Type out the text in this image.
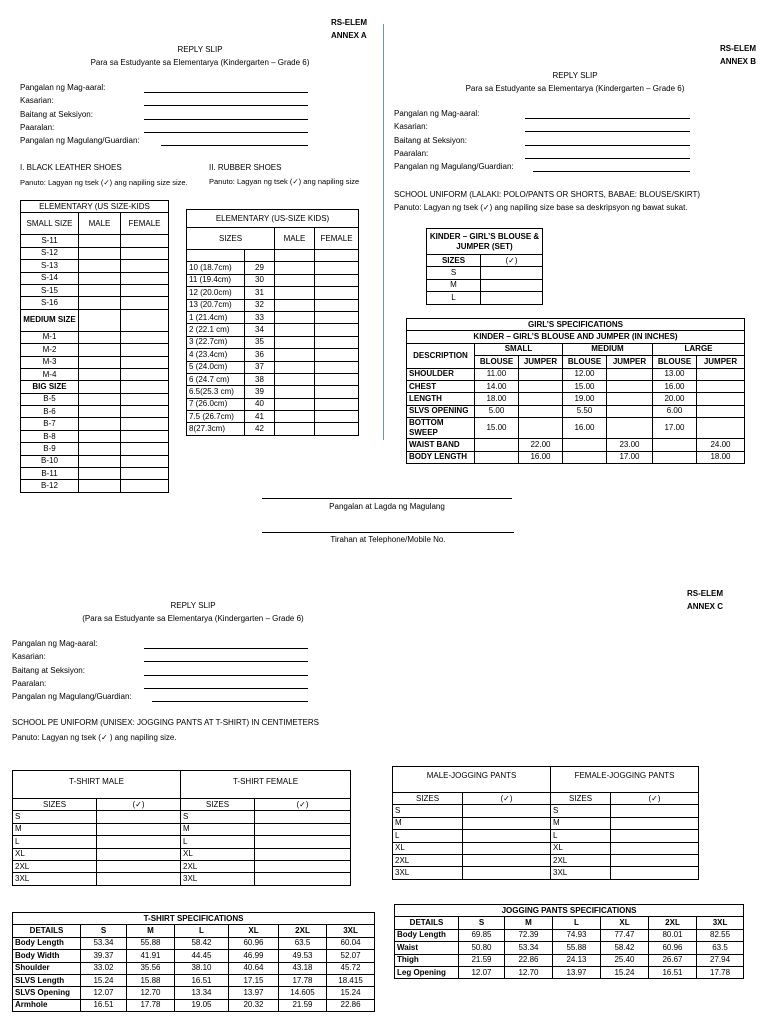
RS-ELEM
ANNEX A
REPLY SLIP
Para sa Estudyante sa Elementarya (Kindergarten – Grade 6)
Pangalan ng Mag-aaral:
Kasarian:
Baitang at Seksiyon:
Paaralan:
Pangalan ng Magulang/Guardian:
I. BLACK LEATHER SHOES
Panuto: Lagyan ng tsek (✓) ang napiling size size.
II. RUBBER SHOES
Panuto: Lagyan ng tsek (✓) ang napiling size
ELEMENTARY (US SIZE-KIDS		
SMALL SIZE	MALE	FEMALE
S-11		
S-12		
S-13		
S-14		
S-15		
S-16		
MEDIUM SIZE		
M-1		
M-2		
M-3		
M-4		
BIG SIZE		
B-5		
B-6		
B-7		
B-8		
B-9		
B-10		
B-11		
B-12		
ELEMENTARY (US-SIZE KIDS)			
SIZES		MALE	FEMALE

10 (18.7cm)	29		
11 (19.4cm)	30		
12 (20.0cm)	31		
13 (20.7cm)	32		
1 (21.4cm)	33		
2 (22.1 cm)	34		
3 (22.7cm)	35		
4 (23.4cm)	36		
5 (24.0cm)	37		
6 (24.7 cm)	38		
6.5(25.3 cm)	39		
7 (26.0cm)	40		
7.5 (26.7cm)	41		
8(27.3cm)	42		
RS-ELEM
ANNEX B
REPLY SLIP
Para sa Estudyante sa Elementarya (Kindergarten – Grade 6)
Pangalan ng Mag-aaral:
Kasarian:
Baitang at Seksiyon:
Paaralan:
Pangalan ng Magulang/Guardian:
SCHOOL UNIFORM (LALAKI: POLO/PANTS OR SHORTS, BABAE: BLOUSE/SKIRT)
Panuto: Lagyan ng tsek (✓) ang napiling size base sa deskripsyon ng bawat sukat.
KINDER – GIRL’S BLOUSE & JUMPER (SET)	
SIZES	(✓)
S	
M	
L	
GIRL’S SPECIFICATIONS						
KINDER – GIRL’S BLOUSE AND JUMPER (IN INCHES)						
DESCRIPTION	SMALL		MEDIUM		LARGE	
	BLOUSE	JUMPER	BLOUSE	JUMPER	BLOUSE	JUMPER
SHOULDER	11.00		12.00		13.00	
CHEST	14.00		15.00		16.00	
LENGTH	18.00		19.00		20.00	
SLVS OPENING	5.00		5.50		6.00	
BOTTOM SWEEP	15.00		16.00		17.00	
WAIST BAND		22.00		23.00		24.00
BODY LENGTH		16.00		17.00		18.00
Pangalan at Lagda ng Magulang
Tirahan at Telephone/Mobile No.
RS-ELEM
ANNEX C
REPLY SLIP
(Para sa Estudyante sa Elementarya (Kindergarten – Grade 6)
Pangalan ng Mag-aaral:
Kasarian:
Baitang at Seksiyon:
Paaralan:
Pangalan ng Magulang/Guardian:
SCHOOL PE UNIFORM (UNISEX: JOGGING PANTS AT T-SHIRT) IN CENTIMETERS
Panuto: Lagyan ng tsek (✓ ) ang napiling size.
T-SHIRT MALE		T-SHIRT FEMALE	

SIZES	(✓)	SIZES	(✓)
S		S	
M		M	
L		L	
XL		XL	
2XL		2XL	
3XL		3XL	
MALE-JOGGING PANTS		FEMALE-JOGGING PANTS	

SIZES	(✓)	SIZES	(✓)
S		S	
M		M	
L		L	
XL		XL	
2XL		2XL	
3XL		3XL	
T-SHIRT SPECIFICATIONS						
DETAILS	S	M	L	XL	2XL	3XL
Body Length	53.34	55.88	58.42	60.96	63.5	60.04
Body Width	39.37	41.91	44.45	46.99	49.53	52.07
Shoulder	33.02	35.56	38.10	40.64	43.18	45.72
SLVS Length	15.24	15.88	16.51	17.15	17.78	18.415
SLVS Opening	12.07	12.70	13.34	13.97	14.605	15.24
Armhole	16.51	17.78	19.05	20.32	21.59	22.86
JOGGING PANTS SPECIFICATIONS						
DETAILS	S	M	L	XL	2XL	3XL
Body Length	69.85	72.39	74.93	77.47	80.01	82.55
Waist	50.80	53.34	55.88	58.42	60.96	63.5
Thigh	21.59	22.86	24.13	25.40	26.67	27.94
Leg Opening	12.07	12.70	13.97	15.24	16.51	17.78
